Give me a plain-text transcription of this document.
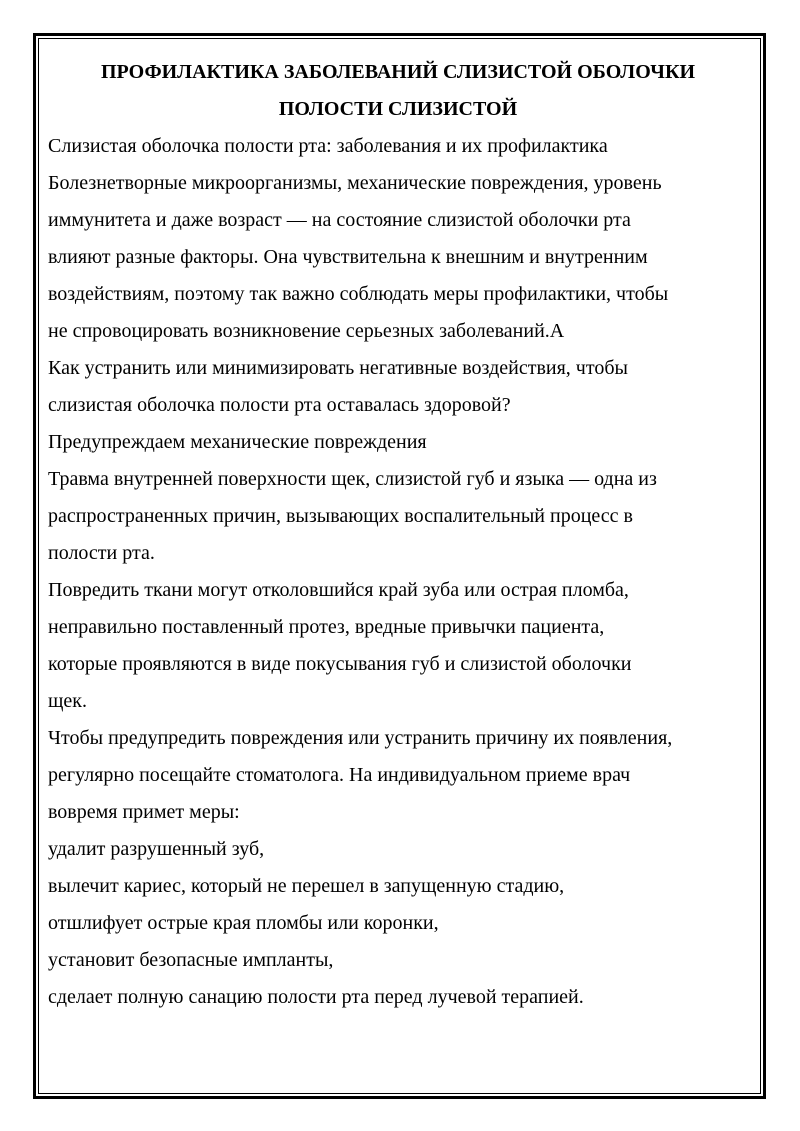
ПРОФИЛАКТИКА ЗАБОЛЕВАНИЙ СЛИЗИСТОЙ ОБОЛОЧКИ
ПОЛОСТИ СЛИЗИСТОЙ
Слизистая оболочка полости рта: заболевания и их профилактика
Болезнетворные микроорганизмы, механические повреждения, уровень
иммунитета и даже возраст — на состояние слизистой оболочки рта
влияют разные факторы. Она чувствительна к внешним и внутренним
воздействиям, поэтому так важно соблюдать меры профилактики, чтобы
не спровоцировать возникновение серьезных заболеваний.А
Как устранить или минимизировать негативные воздействия, чтобы
слизистая оболочка полости рта оставалась здоровой?
Предупреждаем механические повреждения
Травма внутренней поверхности щек, слизистой губ и языка — одна из
распространенных причин, вызывающих воспалительный процесс в
полости рта.
Повредить ткани могут отколовшийся край зуба или острая пломба,
неправильно поставленный протез, вредные привычки пациента,
которые проявляются в виде покусывания губ и слизистой оболочки
щек.
Чтобы предупредить повреждения или устранить причину их появления,
регулярно посещайте стоматолога. На индивидуальном приеме врач
вовремя примет меры:
удалит разрушенный зуб,
вылечит кариес, который не перешел в запущенную стадию,
отшлифует острые края пломбы или коронки,
установит безопасные импланты,
сделает полную санацию полости рта перед лучевой терапией.
